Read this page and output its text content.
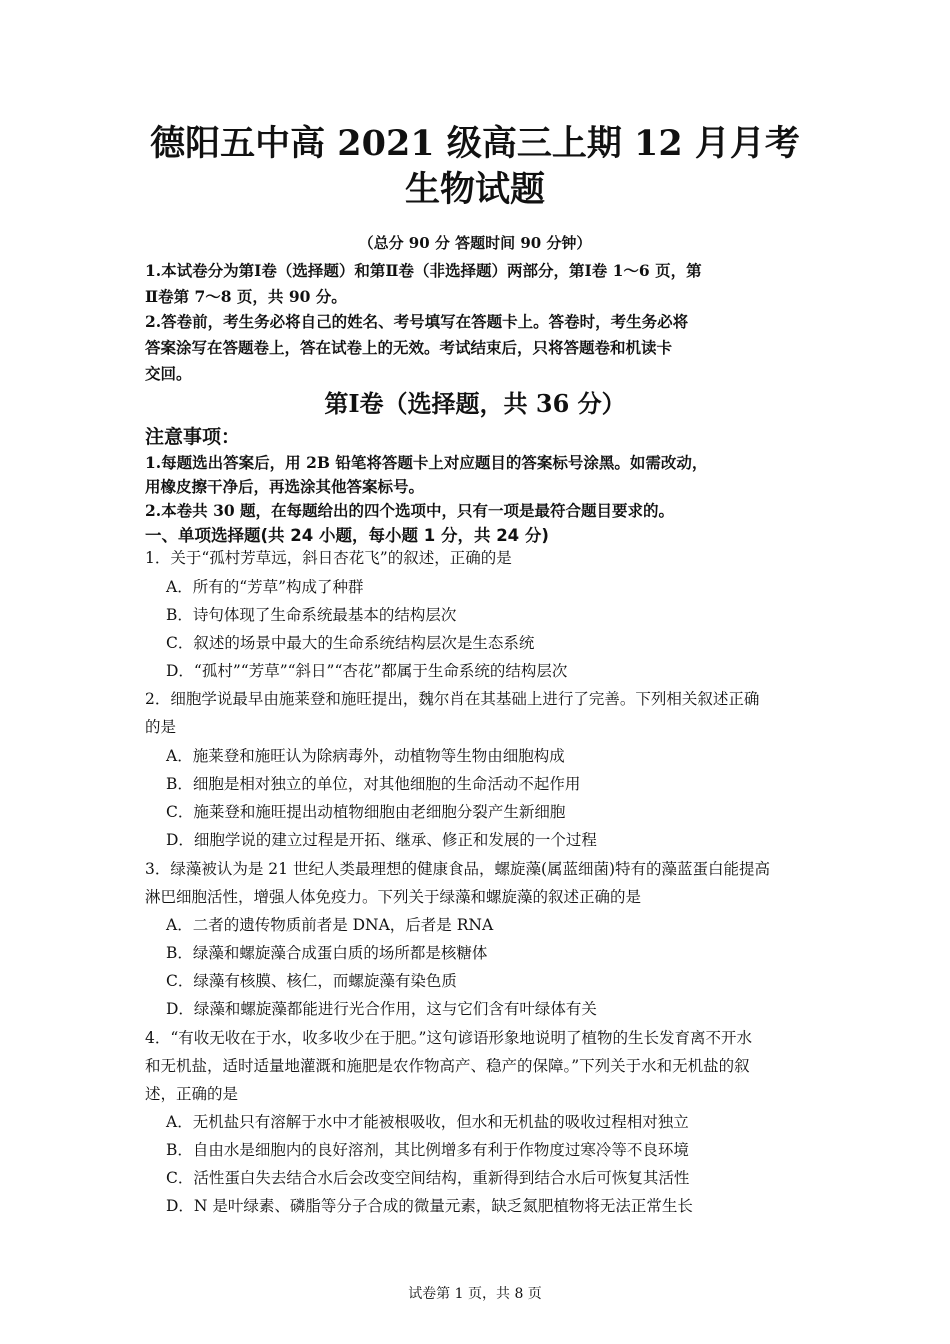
德阳五中高 2021 级高三上期 12 月月考
生物试题
（总分 90 分 答题时间 90 分钟）
1.本试卷分为第Ⅰ卷（选择题）和第Ⅱ卷（非选择题）两部分，第Ⅰ卷 1～6 页，第
Ⅱ卷第 7～8 页，共 90 分。
2.答卷前，考生务必将自己的姓名、考号填写在答题卡上。答卷时，考生务必将
答案涂写在答题卷上，答在试卷上的无效。考试结束后，只将答题卷和机读卡
交回。
第Ⅰ卷（选择题，共 36 分）
注意事项：
1.每题选出答案后，用 2B 铅笔将答题卡上对应题目的答案标号涂黑。如需改动，
用橡皮擦干净后，再选涂其他答案标号。
2.本卷共 30 题，在每题给出的四个选项中，只有一项是最符合题目要求的。
一、单项选择题(共 24 小题，每小题 1 分，共 24 分)
1．关于“孤村芳草远，斜日杏花飞”的叙述，正确的是
A．所有的“芳草”构成了种群
B．诗句体现了生命系统最基本的结构层次
C．叙述的场景中最大的生命系统结构层次是生态系统
D．“孤村”“芳草”“斜日”“杏花”都属于生命系统的结构层次
2．细胞学说最早由施莱登和施旺提出，魏尔肖在其基础上进行了完善。下列相关叙述正确
的是
A．施莱登和施旺认为除病毒外，动植物等生物由细胞构成
B．细胞是相对独立的单位，对其他细胞的生命活动不起作用
C．施莱登和施旺提出动植物细胞由老细胞分裂产生新细胞
D．细胞学说的建立过程是开拓、继承、修正和发展的一个过程
3．绿藻被认为是 21 世纪人类最理想的健康食品，螺旋藻(属蓝细菌)特有的藻蓝蛋白能提高
淋巴细胞活性，增强人体免疫力。下列关于绿藻和螺旋藻的叙述正确的是
A．二者的遗传物质前者是 DNA，后者是 RNA
B．绿藻和螺旋藻合成蛋白质的场所都是核糖体
C．绿藻有核膜、核仁，而螺旋藻有染色质
D．绿藻和螺旋藻都能进行光合作用，这与它们含有叶绿体有关
4．“有收无收在于水，收多收少在于肥。”这句谚语形象地说明了植物的生长发育离不开水
和无机盐，适时适量地灌溉和施肥是农作物高产、稳产的保障。”下列关于水和无机盐的叙
述，正确的是
A．无机盐只有溶解于水中才能被根吸收，但水和无机盐的吸收过程相对独立
B．自由水是细胞内的良好溶剂，其比例增多有利于作物度过寒冷等不良环境
C．活性蛋白失去结合水后会改变空间结构，重新得到结合水后可恢复其活性
D．N 是叶绿素、磷脂等分子合成的微量元素，缺乏氮肥植物将无法正常生长
试卷第 1 页，共 8 页
